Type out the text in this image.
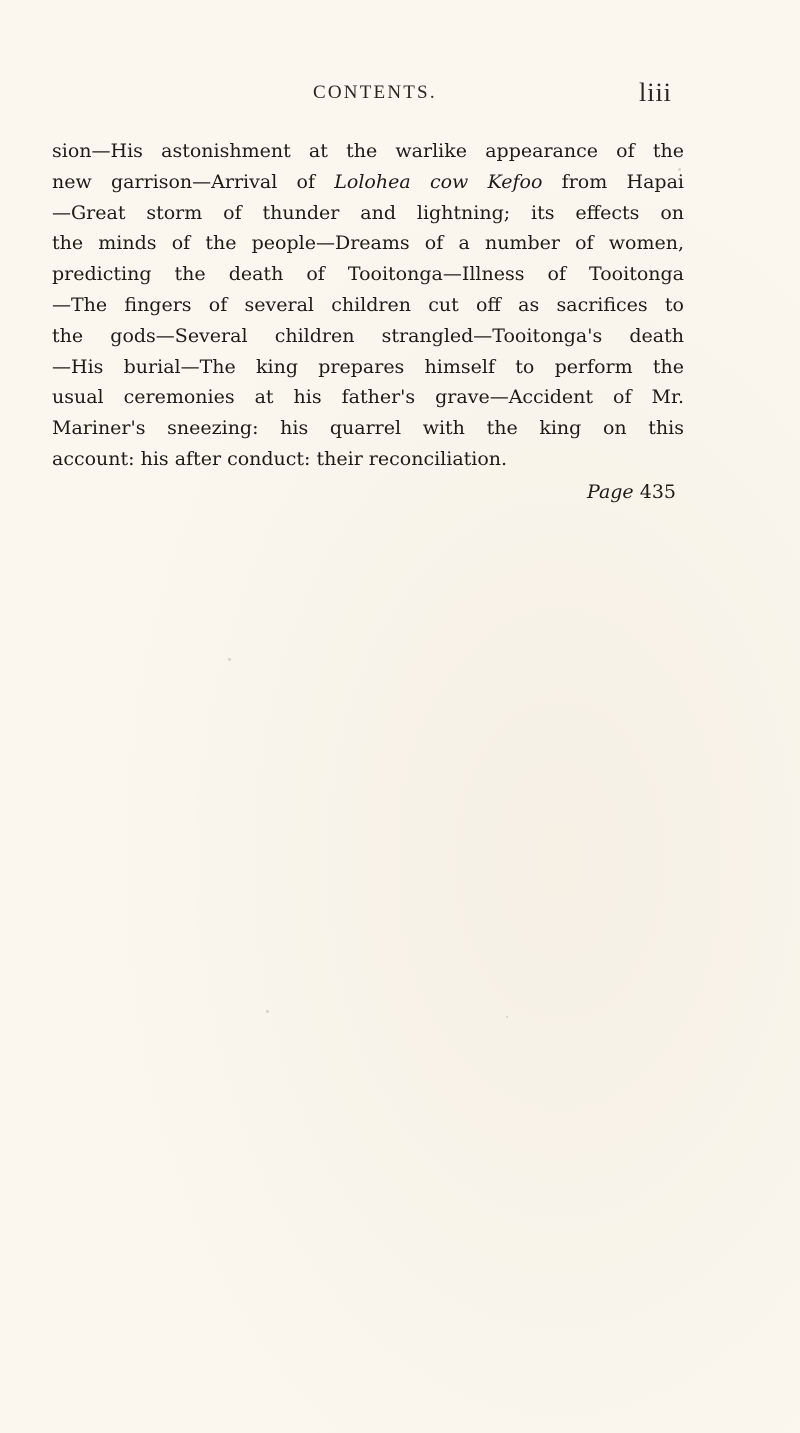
CONTENTS.	liii
sion—His astonishment at the warlike appearance of the
new garrison—Arrival of Lolohea cow Kefoo from Hapai
—Great storm of thunder and lightning; its effects on
the minds of the people—Dreams of a number of women,
predicting the death of Tooitonga—Illness of Tooitonga
—The fingers of several children cut off as sacrifices to
the gods—Several children strangled—Tooitonga's death
—His burial—The king prepares himself to perform the
usual ceremonies at his father's grave—Accident of Mr.
Mariner's sneezing: his quarrel with the king on this
account: his after conduct: their reconciliation.
Page 435
